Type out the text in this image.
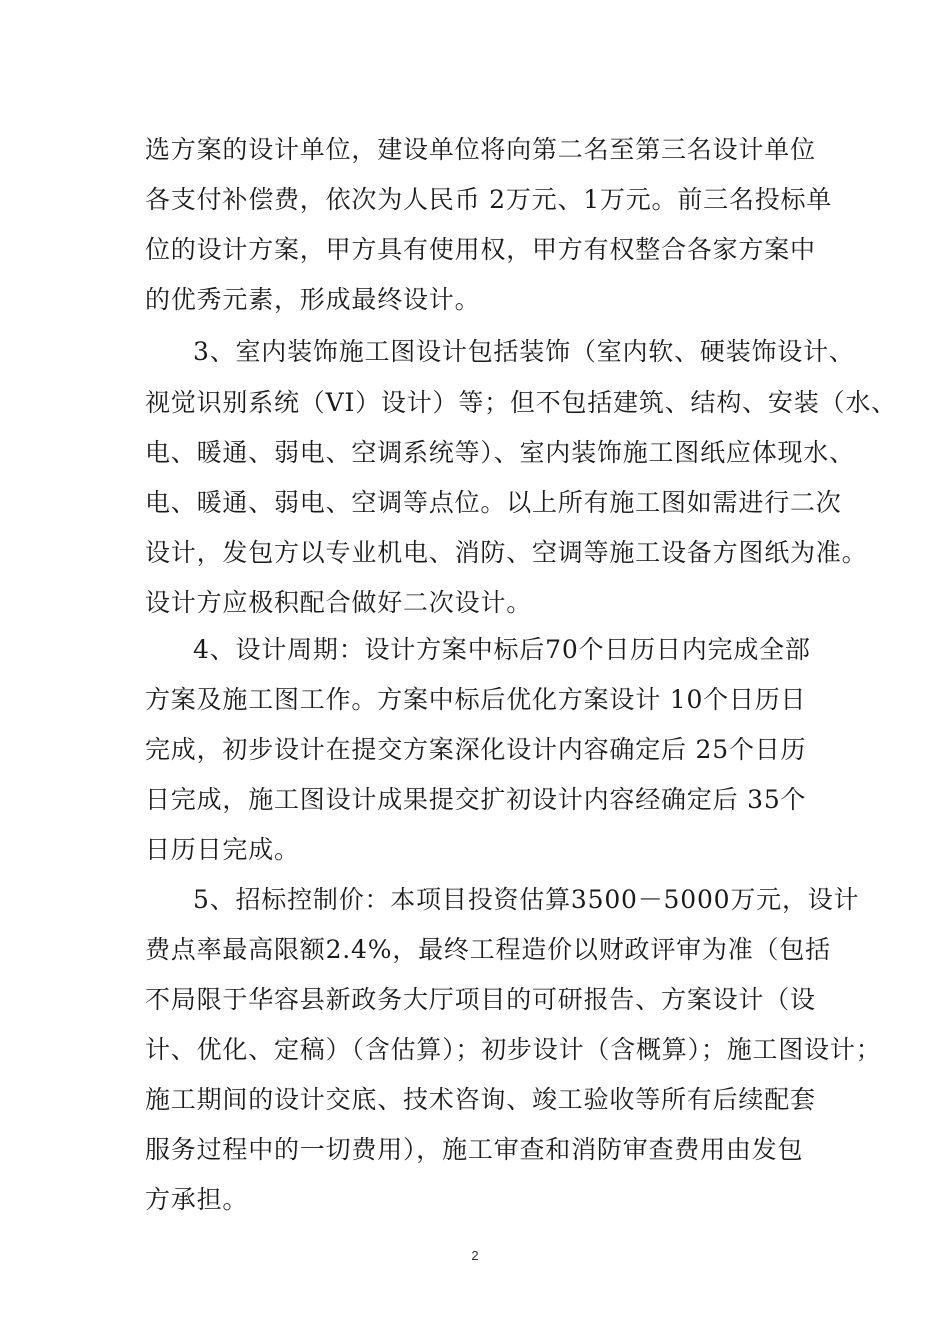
选方案的设计单位，建设单位将向第二名至第三名设计单位
各支付补偿费，依次为人民币 2万元、1万元。前三名投标单
位的设计方案，甲方具有使用权，甲方有权整合各家方案中
的优秀元素，形成最终设计。
3、室内装饰施工图设计包括装饰（室内软、硬装饰设计、
视觉识别系统（VI）设计）等；但不包括建筑、结构、安装（水、
电、暖通、弱电、空调系统等）、室内装饰施工图纸应体现水、
电、暖通、弱电、空调等点位。以上所有施工图如需进行二次
设计，发包方以专业机电、消防、空调等施工设备方图纸为准。
设计方应极积配合做好二次设计。
4、设计周期：设计方案中标后70个日历日内完成全部
方案及施工图工作。方案中标后优化方案设计 10个日历日
完成，初步设计在提交方案深化设计内容确定后 25个日历
日完成，施工图设计成果提交扩初设计内容经确定后 35个
日历日完成。
5、招标控制价：本项目投资估算3500－5000万元，设计
费点率最高限额2.4%，最终工程造价以财政评审为准（包括
不局限于华容县新政务大厅项目的可研报告、方案设计（设
计、优化、定稿）（含估算）；初步设计（含概算）；施工图设计；
施工期间的设计交底、技术咨询、竣工验收等所有后续配套
服务过程中的一切费用），施工审查和消防审查费用由发包
方承担。
2
